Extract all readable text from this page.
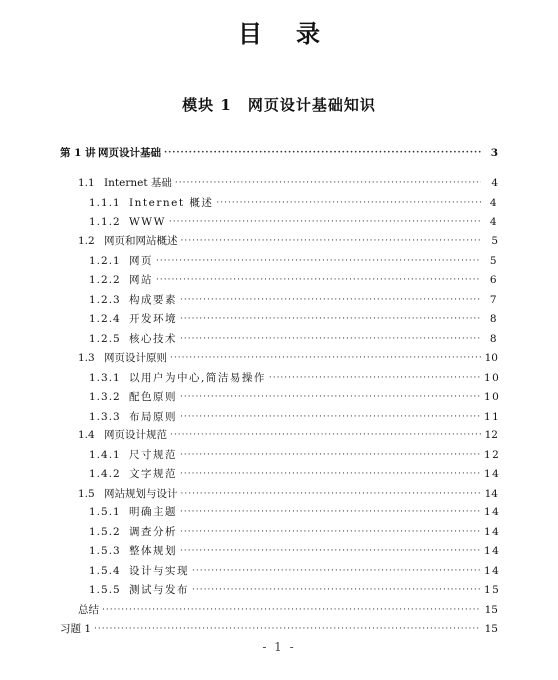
目录
模块 1　网页设计基础知识
第 1 讲 网页设计基础 ·····	3
1.1 Internet 基础 ·····	4
1.1.1 Internet 概述 ·····	4
1.1.2 WWW ·····	4
1.2 网页和网站概述 ·····	5
1.2.1 网页 ·····	5
1.2.2 网站 ·····	6
1.2.3 构成要素 ·····	7
1.2.4 开发环境 ·····	8
1.2.5 核心技术 ·····	8
1.3 网页设计原则 ·····	10
1.3.1 以用户为中心,简洁易操作 ·····	10
1.3.2 配色原则 ·····	10
1.3.3 布局原则 ·····	11
1.4 网页设计规范 ·····	12
1.4.1 尺寸规范 ·····	12
1.4.2 文字规范 ·····	14
1.5 网站规划与设计 ·····	14
1.5.1 明确主题 ·····	14
1.5.2 调查分析 ·····	14
1.5.3 整体规划 ·····	14
1.5.4 设计与实现 ·····	14
1.5.5 测试与发布 ·····	15
总结 ·····	15
习题 1 ·····	15
- 1 -
